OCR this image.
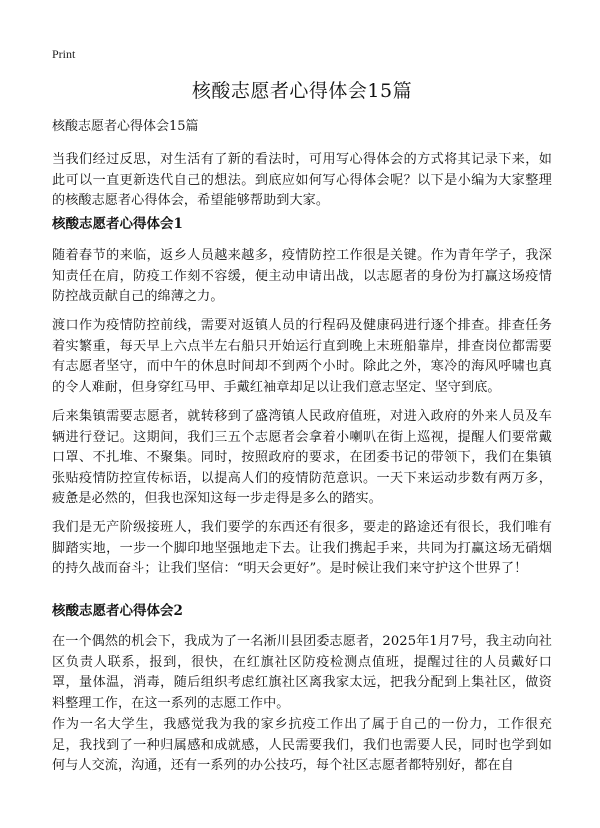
Print
核酸志愿者心得体会15篇

核酸志愿者心得体会15篇

当我们经过反思，对生活有了新的看法时，可用写心得体会的方式将其记录下来，如此可以一直更新迭代自己的想法。到底应如何写心得体会呢？以下是小编为大家整理的核酸志愿者心得体会，希望能够帮助到大家。

核酸志愿者心得体会1

随着春节的来临，返乡人员越来越多，疫情防控工作很是关键。作为青年学子，我深知责任在肩，防疫工作刻不容缓，便主动申请出战，以志愿者的身份为打赢这场疫情防控战贡献自己的绵薄之力。

渡口作为疫情防控前线，需要对返镇人员的行程码及健康码进行逐个排查。排查任务着实繁重，每天早上六点半左右船只开始运行直到晚上末班船靠岸，排查岗位都需要有志愿者坚守，而中午的休息时间却不到两个小时。除此之外，寒冷的海风呼啸也真的令人难耐，但身穿红马甲、手戴红袖章却足以让我们意志坚定、坚守到底。

后来集镇需要志愿者，就转移到了盛湾镇人民政府值班，对进入政府的外来人员及车辆进行登记。这期间，我们三五个志愿者会拿着小喇叭在街上巡视，提醒人们要常戴口罩、不扎堆、不聚集。同时，按照政府的要求，在团委书记的带领下，我们在集镇张贴疫情防控宣传标语，以提高人们的疫情防范意识。一天下来运动步数有两万多，疲惫是必然的，但我也深知这每一步走得是多么的踏实。

我们是无产阶级接班人，我们要学的东西还有很多，要走的路途还有很长，我们唯有脚踏实地，一步一个脚印地坚强地走下去。让我们携起手来，共同为打赢这场无硝烟的持久战而奋斗；让我们坚信：“明天会更好”。是时候让我们来守护这个世界了！

核酸志愿者心得体会2

在一个偶然的机会下，我成为了一名淅川县团委志愿者，2025年1月7号，我主动向社区负责人联系，报到，很快，在红旗社区防疫检测点值班，提醒过往的人员戴好口罩，量体温，消毒，随后组织考虑红旗社区离我家太远，把我分配到上集社区，做资料整理工作，在这一系列的志愿工作中。

作为一名大学生，我感觉我为我的家乡抗疫工作出了属于自己的一份力，工作很充足，我找到了一种归属感和成就感，人民需要我们，我们也需要人民，同时也学到如何与人交流，沟通，还有一系列的办公技巧，每个社区志愿者都特别好，都在自
